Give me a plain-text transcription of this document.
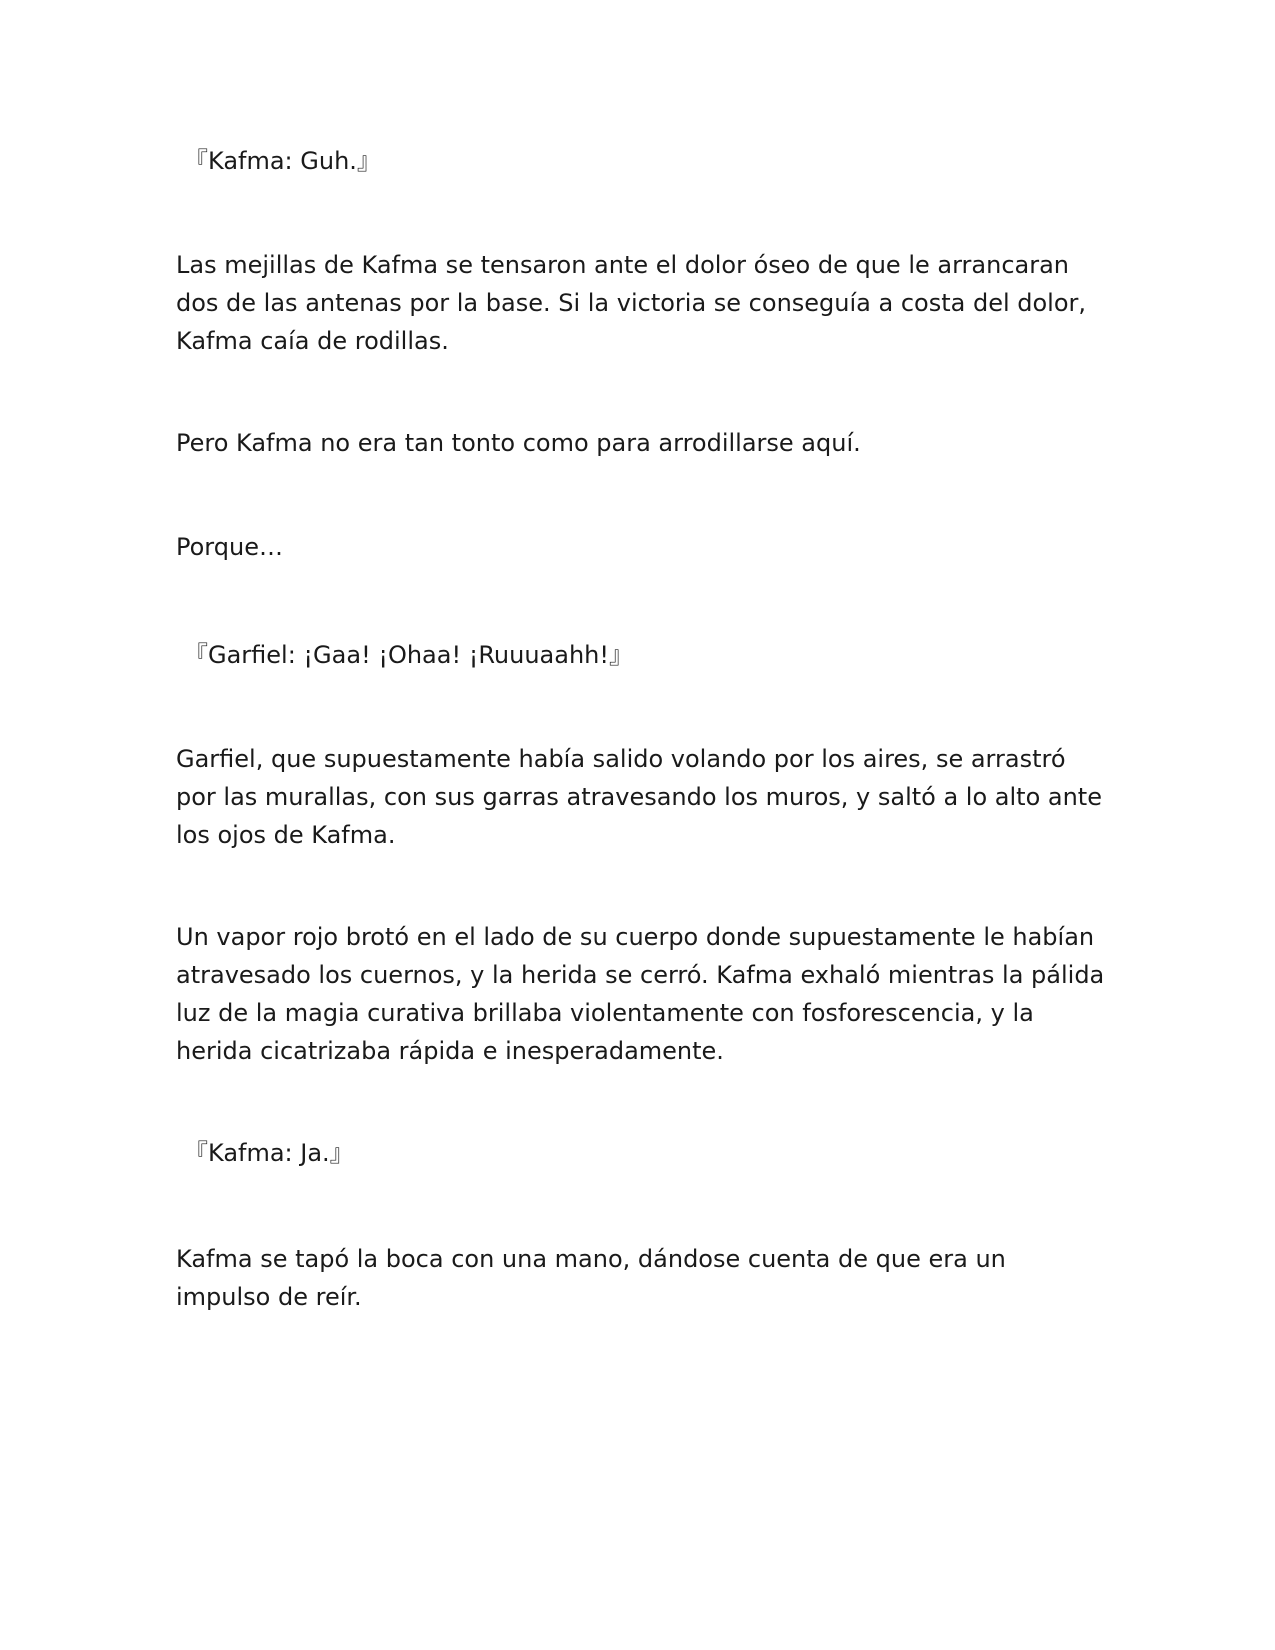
『Kafma: Guh.』

Las mejillas de Kafma se tensaron ante el dolor óseo de que le arrancaran dos de las antenas por la base. Si la victoria se conseguía a costa del dolor, Kafma caía de rodillas.

Pero Kafma no era tan tonto como para arrodillarse aquí.

Porque…

『Garfiel: ¡Gaa! ¡Ohaa! ¡Ruuuaahh!』

Garfiel, que supuestamente había salido volando por los aires, se arrastró por las murallas, con sus garras atravesando los muros, y saltó a lo alto ante los ojos de Kafma.

Un vapor rojo brotó en el lado de su cuerpo donde supuestamente le habían atravesado los cuernos, y la herida se cerró. Kafma exhaló mientras la pálida luz de la magia curativa brillaba violentamente con fosforescencia, y la herida cicatrizaba rápida e inesperadamente.

『Kafma: Ja.』

Kafma se tapó la boca con una mano, dándose cuenta de que era un impulso de reír.
